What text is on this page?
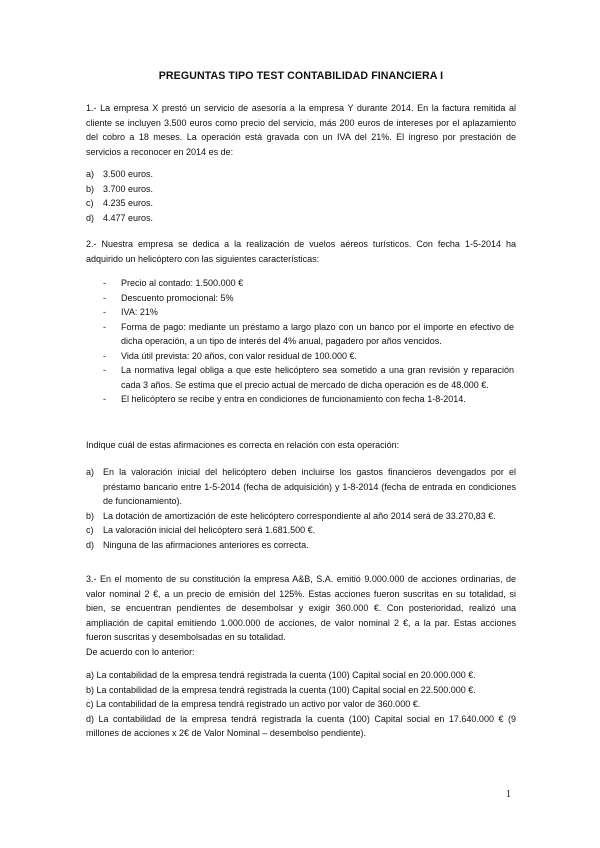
PREGUNTAS TIPO TEST CONTABILIDAD FINANCIERA I

1.- La empresa X prestó un servicio de asesoría a la empresa Y durante 2014. En la factura remitida al cliente se incluyen 3.500 euros como precio del servicio, más 200 euros de intereses por el aplazamiento del cobro a 18 meses. La operación está gravada con un IVA del 21%. El ingreso por prestación de servicios a reconocer en 2014 es de:

a) 3.500 euros.
b) 3.700 euros.
c)	4.235 euros.
d) 4.477 euros.

2.- Nuestra empresa se dedica a la realización de vuelos aéreos turísticos. Con fecha 1-5-2014 ha adquirido un helicóptero con las siguientes características:

-	Precio al contado: 1.500.000 €
-	Descuento promocional: 5%
-	IVA: 21%
-	Forma de pago: mediante un préstamo a largo plazo con un banco por el importe en efectivo de dicha operación, a un tipo de interés del 4% anual, pagadero por años vencidos.
-	Vida útil prevista: 20 años, con valor residual de 100.000 €.
-	La normativa legal obliga a que este helicóptero sea sometido a una gran revisión y reparación cada 3 años. Se estima que el precio actual de mercado de dicha operación es de 48.000 €.
-	El helicóptero se recibe y entra en condiciones de funcionamiento con fecha 1-8-2014.

Indique cuál de estas afirmaciones es correcta en relación con esta operación:

a) En la valoración inicial del helicóptero deben incluirse los gastos financieros devengados por el préstamo bancario entre 1-5-2014 (fecha de adquisición) y 1-8-2014 (fecha de entrada en condiciones de funcionamiento).
b) La dotación de amortización de este helicóptero correspondiente al año 2014 será de 33.270,83 €.
c)	La valoración inicial del helicóptero será 1.681.500 €.
d) Ninguna de las afirmaciones anteriores es correcta.

3.- En el momento de su constitución la empresa A&B, S.A. emitió 9.000.000 de acciones ordinarias, de valor nominal 2 €, a un precio de emisión del 125%. Estas acciones fueron suscritas en su totalidad, si bien, se encuentran pendientes de desembolsar y exigir 360.000 €. Con posterioridad, realizó una ampliación de capital emitiendo 1.000.000 de acciones, de valor nominal 2 €, a la par. Estas acciones fueron suscritas y desembolsadas en su totalidad.

De acuerdo con lo anterior:

a) La contabilidad de la empresa tendrá registrada la cuenta (100) Capital social en 20.000.000 €.

b) La contabilidad de la empresa tendrá registrada la cuenta (100) Capital social en 22.500.000 €.

c) La contabilidad de la empresa tendrá registrado un activo por valor de 360.000 €.

d) La contabilidad de la empresa tendrá registrada la cuenta (100) Capital social en 17.640.000 € (9 millones de acciones x 2€ de Valor Nominal – desembolso pendiente).

1
